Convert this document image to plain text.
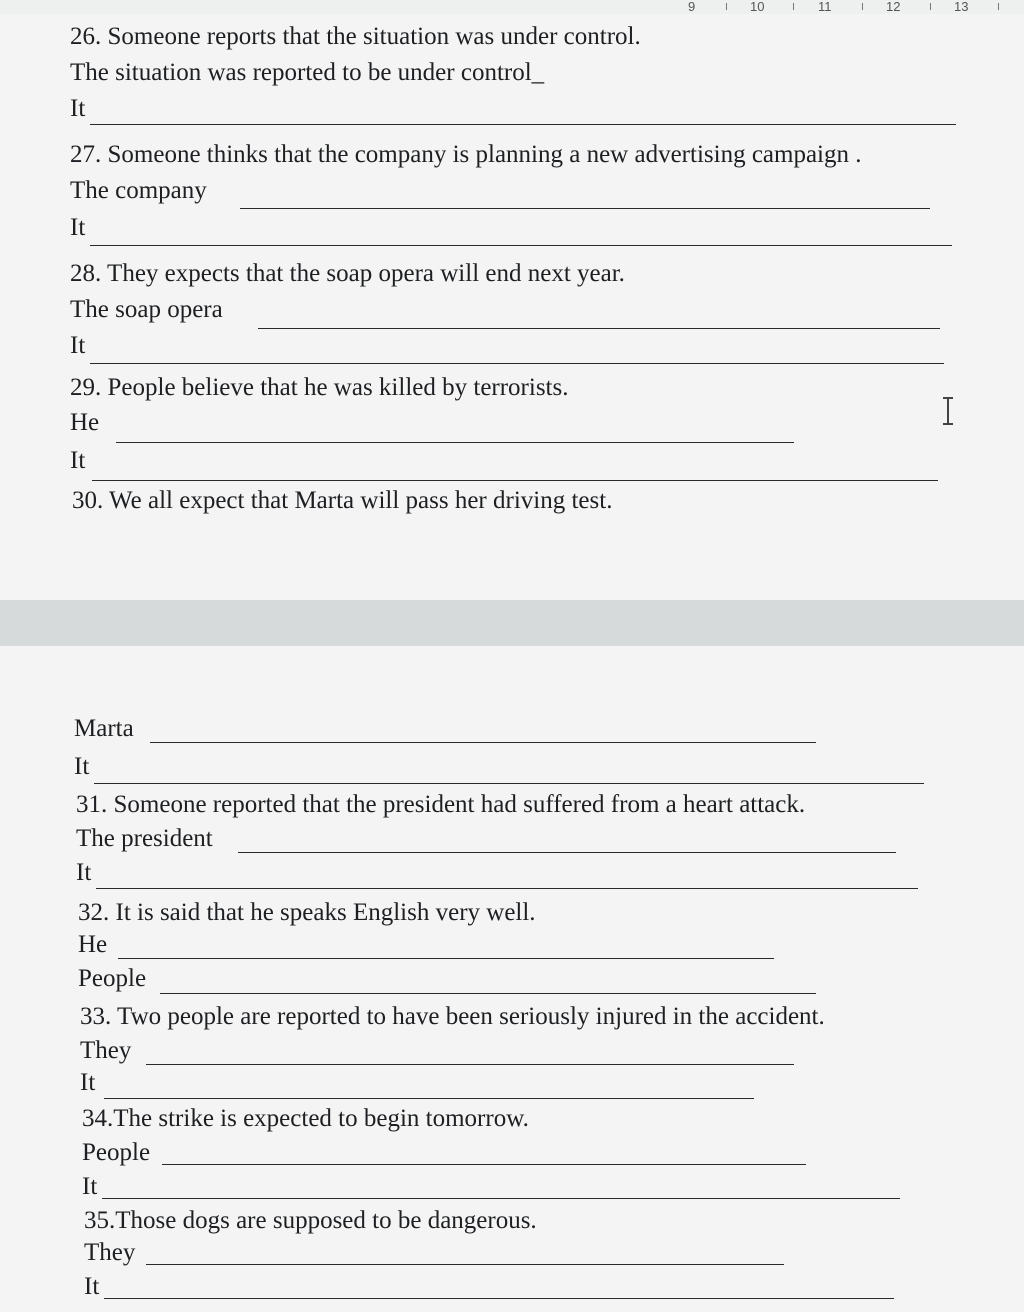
9	10	11	12	13
26. Someone reports that the situation was under control.
The situation was reported to be under control_
It
27. Someone thinks that the company is planning a new advertising campaign .
The company
It
28. They expects that the soap opera will end next year.
The soap opera
It
29. People believe that he was killed by terrorists.
He
It
30. We all expect that Marta will pass her driving test.
Marta
It
31. Someone reported that the president had suffered from a heart attack.
The president
It
32. It is said that he speaks English very well.
He
People
33. Two people are reported to have been seriously injured in the accident.
They
It
34.The strike is expected to begin tomorrow.
People
It
35.Those dogs are supposed to be dangerous.
They
It
